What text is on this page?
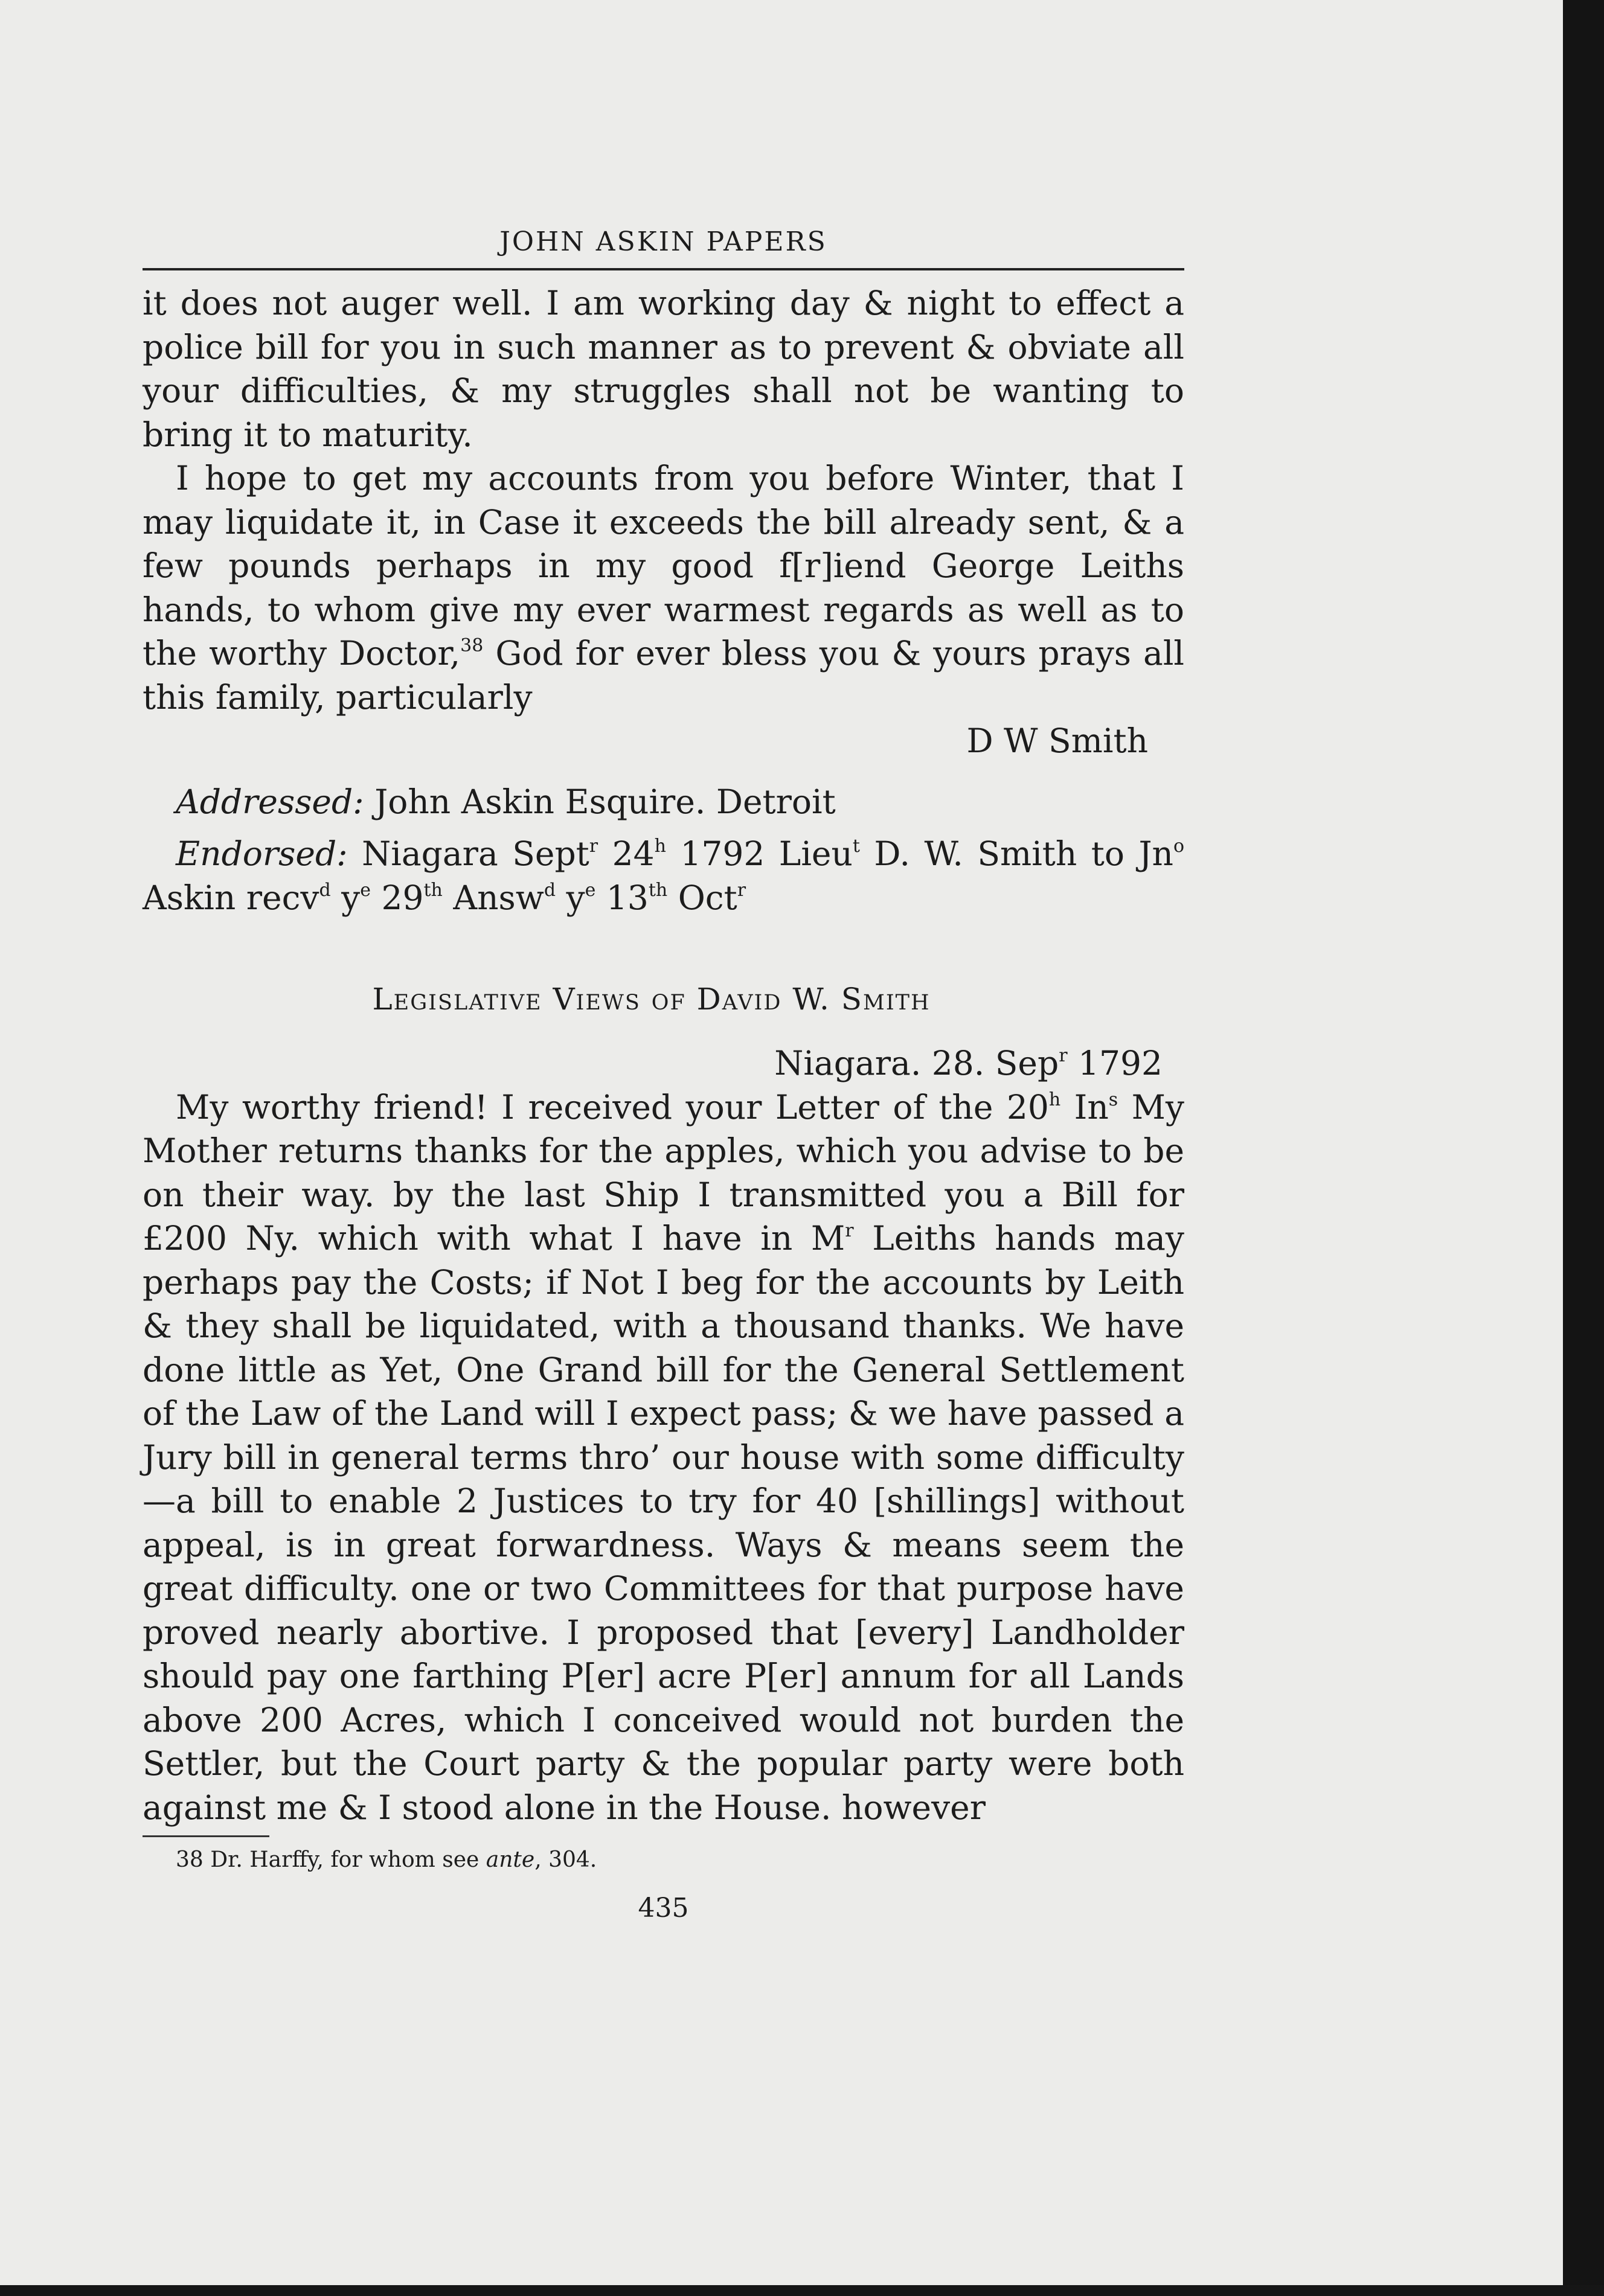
JOHN ASKIN PAPERS

it does not auger well. I am working day & night to effect a police bill for you in such manner as to prevent & obviate all your difficulties, & my struggles shall not be wanting to bring it to maturity.

I hope to get my accounts from you before Winter, that I may liquidate it, in Case it exceeds the bill already sent, & a few pounds perhaps in my good f[r]iend George Leiths hands, to whom give my ever warmest regards as well as to the worthy Doctor,$^{38}$ God for ever bless you & yours prays all this family, particularly

D W Smith

Addressed: John Askin Esquire. Detroit

Endorsed: Niagara Sept$^r$ 24$^h$ 1792 Lieu$^t$ D. W. Smith to Jn$^o$ Askin recv$^d$ $y^e$ 29th Answ$^d$ $y^e$ 13th Oct$^r$

Legislative Views of David W. Smith

Niagara. 28. Sep$^r$ 1792

My worthy friend! I received your Letter of the 20$^h$ In$^s$ My Mother returns thanks for the apples, which you advise to be on their way. by the last Ship I transmitted you a Bill for £200 Ny. which with what I have in $M^r$ Leiths hands may perhaps pay the Costs; if Not I beg for the accounts by Leith & they shall be liquidated, with a thousand thanks. We have done little as Yet, One Grand bill for the General Settlement of the Law of the Land will I expect pass; & we have passed a Jury bill in general terms thro’ our house with some difficulty—a bill to enable 2 Justices to try for 40 [shillings] without appeal, is in great forwardness. Ways & means seem the great difficulty. one or two Committees for that purpose have proved nearly abortive. I proposed that [every] Landholder should pay one farthing P[er] acre P[er] annum for all Lands above 200 Acres, which I conceived would not burden the Settler, but the Court party & the popular party were both against me & I stood alone in the House. however

38 Dr. Harffy, for whom see ante, 304.
435
